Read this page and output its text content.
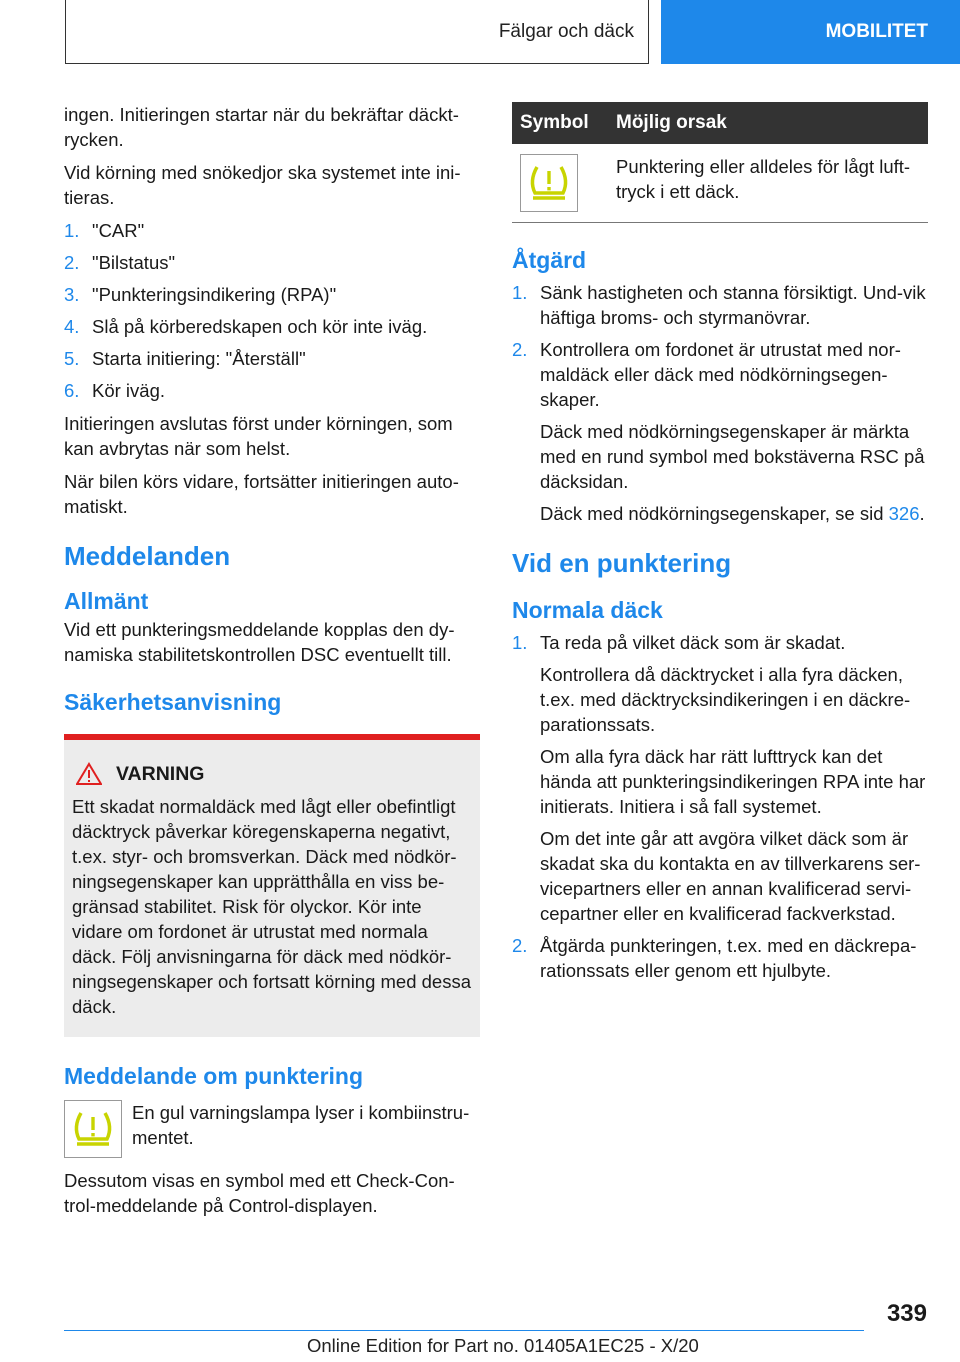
Fälgar och däck	MOBILITET

ingen. Initieringen startar när du bekräftar däckt-rycken.

Vid körning med snökedjor ska systemet inte ini-tieras.

1. "CAR"
2. "Bilstatus"
3. "Punkteringsindikering (RPA)"
4. Slå på körberedskapen och kör inte iväg.
5. Starta initiering: "Återställ"
6. Kör iväg.

Initieringen avslutas först under körningen, som kan avbrytas när som helst.

När bilen körs vidare, fortsätter initieringen auto-matiskt.

Meddelanden
Allmänt

Vid ett punkteringsmeddelande kopplas den dy-namiska stabilitetskontrollen DSC eventuellt till.

Säkerhetsanvisning
VARNING

Ett skadat normaldäck med lågt eller obefintligt däcktryck påverkar köregenskaperna negativt, t.ex. styr- och bromsverkan. Däck med nödkör-ningsegenskaper kan upprätthålla en viss be-gränsad stabilitet. Risk för olyckor. Kör inte vidare om fordonet är utrustat med normala däck. Följ anvisningarna för däck med nödkör-ningsegenskaper och fortsatt körning med dessa däck.

Meddelande om punktering

En gul varningslampa lyser i kombiinstru-mentet.

Dessutom visas en symbol med ett Check-Con-trol-meddelande på Control-displayen.

Symbol	Möjlig orsak

	Punktering eller alldeles för lågt luft-tryck i ett däck.
Åtgärd
1. Sänk hastigheten och stanna försiktigt. Und-vik häftiga broms- och styrmanövrar.

2. Kontrollera om fordonet är utrustat med nor-maldäck eller däck med nödkörningsegen-skaper.

Däck med nödkörningsegenskaper är märkta med en rund symbol med bokstäverna RSC på däcksidan.

Däck med nödkörningsegenskaper, se sid 326.

Vid en punktering
Normala däck
1. Ta reda på vilket däck som är skadat.

Kontrollera då däcktrycket i alla fyra däcken, t.ex. med däcktrycksindikeringen i en däckre-parationssats.

Om alla fyra däck har rätt lufttryck kan det hända att punkteringsindikeringen RPA inte har initierats. Initiera i så fall systemet.

Om det inte går att avgöra vilket däck som är skadat ska du kontakta en av tillverkarens ser-vicepartners eller en annan kvalificerad servi-cepartner eller en kvalificerad fackverkstad.

2. Åtgärda punkteringen, t.ex. med en däckrepa-rationssats eller genom ett hjulbyte.

339
Online Edition for Part no. 01405A1EC25 - X/20
